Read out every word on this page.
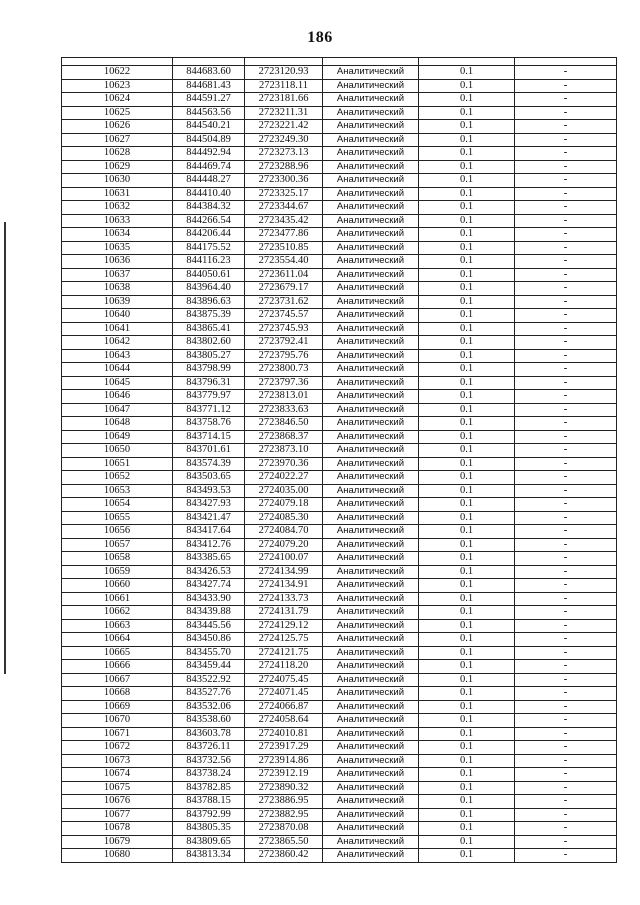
186

10622	844683.60	2723120.93	Аналитический	0.1	-
10623	844681.43	2723118.11	Аналитический	0.1	-
10624	844591.27	2723181.66	Аналитический	0.1	-
10625	844563.56	2723211.31	Аналитический	0.1	-
10626	844540.21	2723221.42	Аналитический	0.1	-
10627	844504.89	2723249.30	Аналитический	0.1	-
10628	844492.94	2723273.13	Аналитический	0.1	-
10629	844469.74	2723288.96	Аналитический	0.1	-
10630	844448.27	2723300.36	Аналитический	0.1	-
10631	844410.40	2723325.17	Аналитический	0.1	-
10632	844384.32	2723344.67	Аналитический	0.1	-
10633	844266.54	2723435.42	Аналитический	0.1	-
10634	844206.44	2723477.86	Аналитический	0.1	-
10635	844175.52	2723510.85	Аналитический	0.1	-
10636	844116.23	2723554.40	Аналитический	0.1	-
10637	844050.61	2723611.04	Аналитический	0.1	-
10638	843964.40	2723679.17	Аналитический	0.1	-
10639	843896.63	2723731.62	Аналитический	0.1	-
10640	843875.39	2723745.57	Аналитический	0.1	-
10641	843865.41	2723745.93	Аналитический	0.1	-
10642	843802.60	2723792.41	Аналитический	0.1	-
10643	843805.27	2723795.76	Аналитический	0.1	-
10644	843798.99	2723800.73	Аналитический	0.1	-
10645	843796.31	2723797.36	Аналитический	0.1	-
10646	843779.97	2723813.01	Аналитический	0.1	-
10647	843771.12	2723833.63	Аналитический	0.1	-
10648	843758.76	2723846.50	Аналитический	0.1	-
10649	843714.15	2723868.37	Аналитический	0.1	-
10650	843701.61	2723873.10	Аналитический	0.1	-
10651	843574.39	2723970.36	Аналитический	0.1	-
10652	843503.65	2724022.27	Аналитический	0.1	-
10653	843493.53	2724035.00	Аналитический	0.1	-
10654	843427.93	2724079.18	Аналитический	0.1	-
10655	843421.47	2724085.30	Аналитический	0.1	-
10656	843417.64	2724084.70	Аналитический	0.1	-
10657	843412.76	2724079.20	Аналитический	0.1	-
10658	843385.65	2724100.07	Аналитический	0.1	-
10659	843426.53	2724134.99	Аналитический	0.1	-
10660	843427.74	2724134.91	Аналитический	0.1	-
10661	843433.90	2724133.73	Аналитический	0.1	-
10662	843439.88	2724131.79	Аналитический	0.1	-
10663	843445.56	2724129.12	Аналитический	0.1	-
10664	843450.86	2724125.75	Аналитический	0.1	-
10665	843455.70	2724121.75	Аналитический	0.1	-
10666	843459.44	2724118.20	Аналитический	0.1	-
10667	843522.92	2724075.45	Аналитический	0.1	-
10668	843527.76	2724071.45	Аналитический	0.1	-
10669	843532.06	2724066.87	Аналитический	0.1	-
10670	843538.60	2724058.64	Аналитический	0.1	-
10671	843603.78	2724010.81	Аналитический	0.1	-
10672	843726.11	2723917.29	Аналитический	0.1	-
10673	843732.56	2723914.86	Аналитический	0.1	-
10674	843738.24	2723912.19	Аналитический	0.1	-
10675	843782.85	2723890.32	Аналитический	0.1	-
10676	843788.15	2723886.95	Аналитический	0.1	-
10677	843792.99	2723882.95	Аналитический	0.1	-
10678	843805.35	2723870.08	Аналитический	0.1	-
10679	843809.65	2723865.50	Аналитический	0.1	-
10680	843813.34	2723860.42	Аналитический	0.1	-
